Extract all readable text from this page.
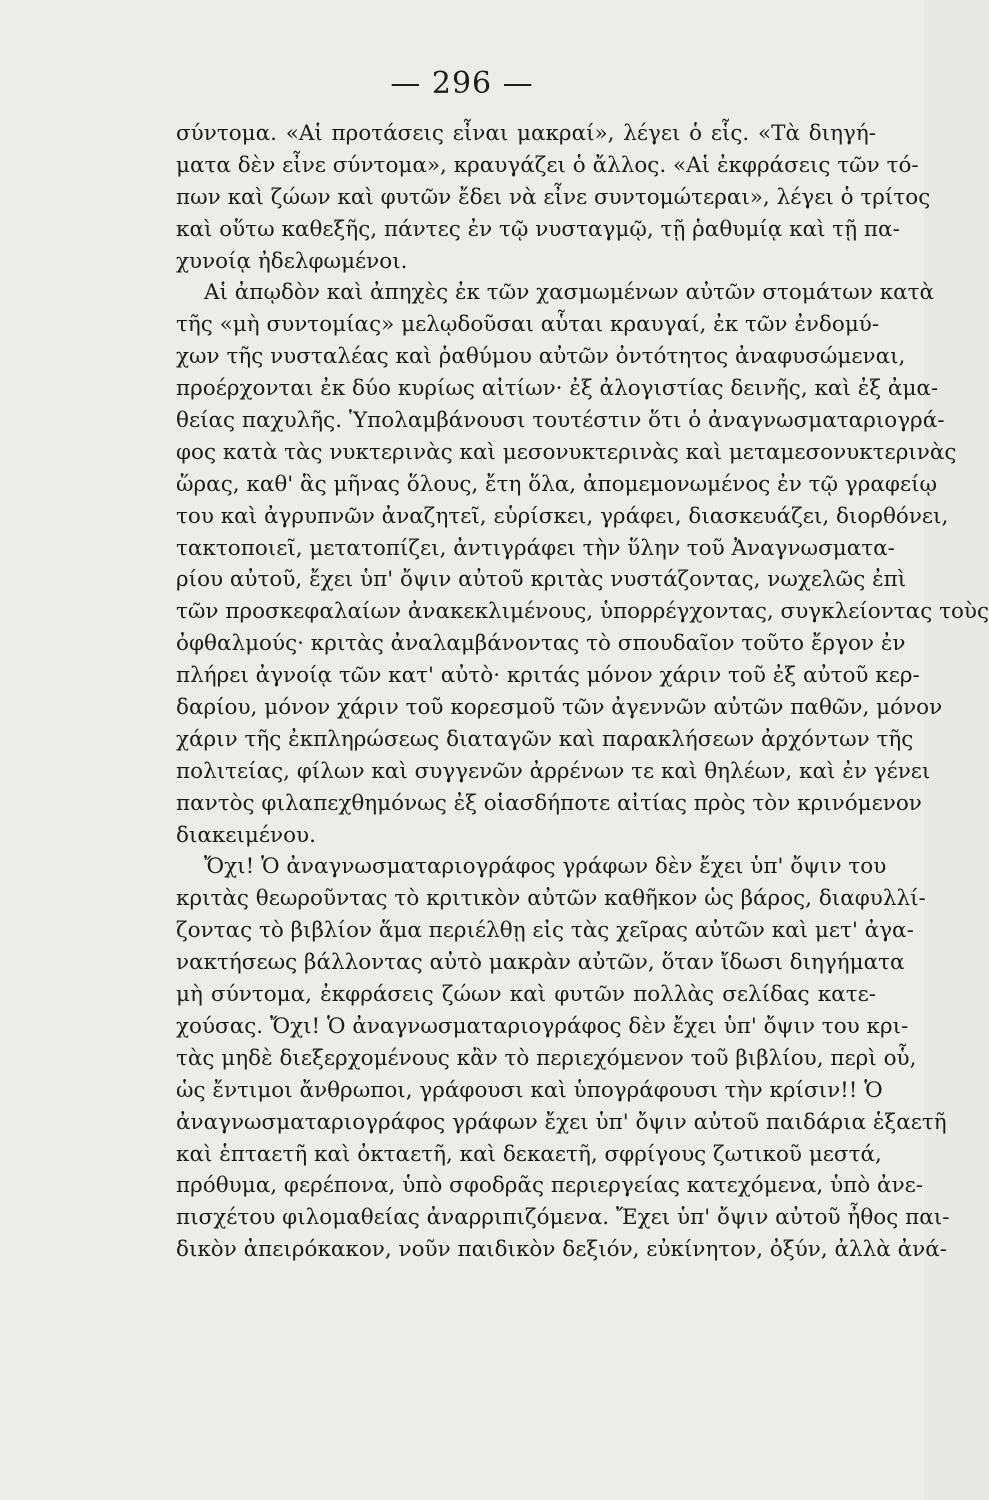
— 296 —
σύντομα. «Αἱ προτάσεις εἶναι μακραί», λέγει ὁ εἷς. «Τὰ διηγή-
ματα δὲν εἶνε σύντομα», κραυγάζει ὁ ἄλλος. «Αἱ ἐκφράσεις τῶν τό-
πων καὶ ζώων καὶ φυτῶν ἔδει νὰ εἶνε συντομώτεραι», λέγει ὁ τρίτος
καὶ οὕτω καθεξῆς, πάντες ἐν τῷ νυσταγμῷ, τῇ ῥαθυμίᾳ καὶ τῇ πα-
χυνοίᾳ ἠδελφωμένοι.
Αἱ ἀπῳδὸν καὶ ἀπηχὲς ἐκ τῶν χασμωμένων αὐτῶν στομάτων κατὰ
τῆς «μὴ συντομίας» μελῳδοῦσαι αὗται κραυγαί, ἐκ τῶν ἐνδομύ-
χων τῆς νυσταλέας καὶ ῥαθύμου αὐτῶν ὀντότητος ἀναφυσώμεναι,
προέρχονται ἐκ δύο κυρίως αἰτίων· ἐξ ἀλογιστίας δεινῆς, καὶ ἐξ ἀμα-
θείας παχυλῆς. Ὑπολαμβάνουσι τουτέστιν ὅτι ὁ ἀναγνωσματαριογρά-
φος κατὰ τὰς νυκτερινὰς καὶ μεσονυκτερινὰς καὶ μεταμεσονυκτερινὰς
ὥρας, καθ' ἃς μῆνας ὅλους, ἔτη ὅλα, ἀπομεμονωμένος ἐν τῷ γραφείῳ
του καὶ ἀγρυπνῶν ἀναζητεῖ, εὑρίσκει, γράφει, διασκευάζει, διορθόνει,
τακτοποιεῖ, μετατοπίζει, ἀντιγράφει τὴν ὕλην τοῦ Ἀναγνωσματα-
ρίου αὐτοῦ, ἔχει ὑπ' ὄψιν αὐτοῦ κριτὰς νυστάζοντας, νωχελῶς ἐπὶ
τῶν προσκεφαλαίων ἀνακεκλιμένους, ὑπορρέγχοντας, συγκλείοντας τοὺς
ὀφθαλμούς· κριτὰς ἀναλαμβάνοντας τὸ σπουδαῖον τοῦτο ἔργον ἐν
πλήρει ἀγνοίᾳ τῶν κατ' αὐτὸ· κριτάς μόνον χάριν τοῦ ἐξ αὐτοῦ κερ-
δαρίου, μόνον χάριν τοῦ κορεσμοῦ τῶν ἀγεννῶν αὐτῶν παθῶν, μόνον
χάριν τῆς ἐκπληρώσεως διαταγῶν καὶ παρακλήσεων ἀρχόντων τῆς
πολιτείας, φίλων καὶ συγγενῶν ἀρρένων τε καὶ θηλέων, καὶ ἐν γένει
παντὸς φιλαπεχθημόνως ἐξ οἱασδήποτε αἰτίας πρὸς τὸν κρινόμενον
διακειμένου.
Ὄχι! Ὁ ἀναγνωσματαριογράφος γράφων δὲν ἔχει ὑπ' ὄψιν του
κριτὰς θεωροῦντας τὸ κριτικὸν αὐτῶν καθῆκον ὡς βάρος, διαφυλλί-
ζοντας τὸ βιβλίον ἅμα περιέλθῃ εἰς τὰς χεῖρας αὐτῶν καὶ μετ' ἀγα-
νακτήσεως βάλλοντας αὐτὸ μακρὰν αὐτῶν, ὅταν ἴδωσι διηγήματα
μὴ σύντομα, ἐκφράσεις ζώων καὶ φυτῶν πολλὰς σελίδας κατε-
χούσας. Ὄχι! Ὁ ἀναγνωσματαριογράφος δὲν ἔχει ὑπ' ὄψιν του κρι-
τὰς μηδὲ διεξερχομένους κἂν τὸ περιεχόμενον τοῦ βιβλίου, περὶ οὗ,
ὡς ἔντιμοι ἄνθρωποι, γράφουσι καὶ ὑπογράφουσι τὴν κρίσιν!! Ὁ
ἀναγνωσματαριογράφος γράφων ἔχει ὑπ' ὄψιν αὐτοῦ παιδάρια ἑξαετῆ
καὶ ἑπταετῆ καὶ ὀκταετῆ, καὶ δεκαετῆ, σφρίγους ζωτικοῦ μεστά,
πρόθυμα, φερέπονα, ὑπὸ σφοδρᾶς περιεργείας κατεχόμενα, ὑπὸ ἀνε-
πισχέτου φιλομαθείας ἀναρριπιζόμενα. Ἔχει ὑπ' ὄψιν αὐτοῦ ἦθος παι-
δικὸν ἀπειρόκακον, νοῦν παιδικὸν δεξιόν, εὐκίνητον, ὀξύν, ἀλλὰ ἀνά-
